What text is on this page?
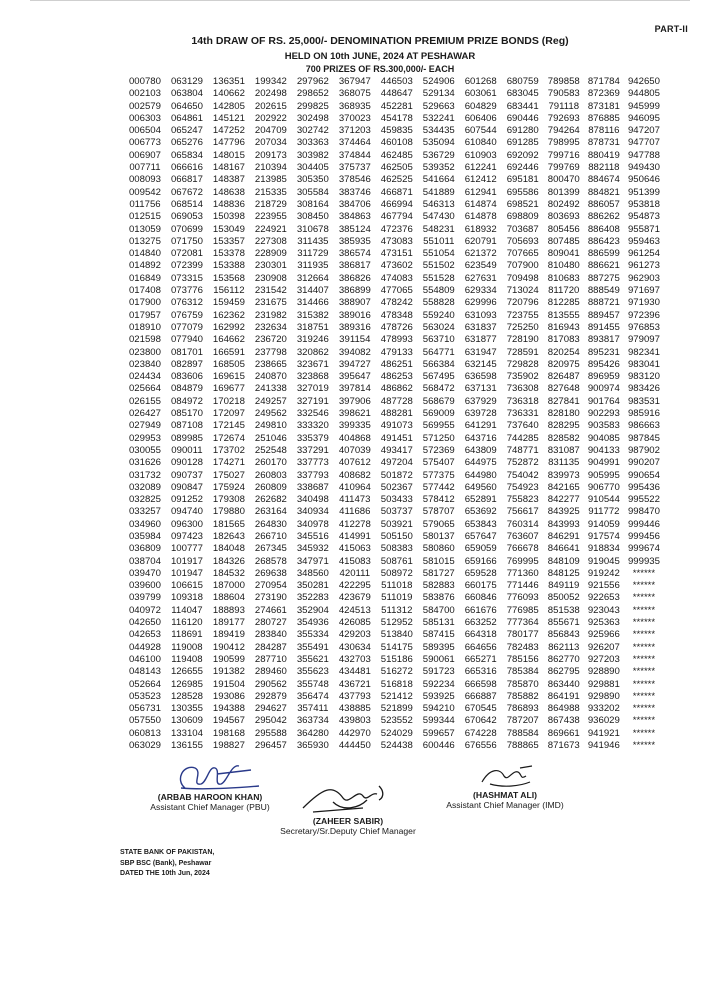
PART-II
14th DRAW OF RS. 25,000/- DENOMINATION PREMIUM PRIZE BONDS (Reg)
HELD ON 10th JUNE, 2024 AT PESHAWAR
700 PRIZES OF RS.300,000/- EACH
000780	063129	136351	199342	297962	367947	446503	524906	601268	680759 789858 871784 942650
002103	063804	140662	202498	298652	368075	448647	529134	603061	683045 790583 872369 944805
002579	064650	142805	202615	299825	368935	452281	529663	604829	683441	791118 873181 945999
006303	064861	145121	202922	302498	370023	454178	532241	606406	690446 792693 876885 946095
006504	065247	147252	204709	302742	371203	459835	534435	607544	691280 794264 878116 947207
006773	065276	147796	207034	303363	374464	460108	535094	610840	691285 798995 878731 947707
006907	065834	148015	209173	303982	374844	462485	536729	610903	692092 799716 880419 947788
007711	066616	148167	210394	304405	375737	462505	539352	612241	692446 799769 882118 949430
008093	066817	148387	213985	305350	378546	462525	541664	612412	695181 800470 884674 950646
009542	067672	148638	215335	305584	383746	466871	541889	612941	695586 801399 884821 951399
011756	068514	148836	218729	308164	384706	466994	546313	614874	698521 802492 886057 953818
012515	069053	150398	223955	308450	384863	467794	547430	614878	698809 803693 886262 954873
013059	070699	153049	224921	310678	385124	472376	548231	618932	703687 805456 886408 955871
013275	071750	153357	227308	311435	385935	473083	551011	620791	705693 807485 886423 959463
014840	072081	153378	228909	311729	386574	473151	551054	621372	707665 809041 886599 961254
014892	072399	153388	230301	311935	386817	473602	551502	623549	707900 810480 886621 961273
016849	073315	153568	230908	312664	386826	474083	551528	627631	709498 810683 887275 962903
017408	073776	156112	231542	314407	386899	477065	554809	629334	713024 811720 888549 971697
017900	076312	159459	231675	314466	388907	478242	558828	629996	720796 812285 888721 971930
017957	076759	162362	231982	315382	389016	478348	559240	631093	723755 813555 889457 972396
018910	077079	162992	232634	318751	389316	478726	563024	631837	725250 816943 891455 976853
021598	077940	164662	236720	319246	391154	478993	563710	631877	728190 817083 893817 979097
023800	081701	166591	237798	320862	394082	479133	564771	631947	728591 820254 895231 982341
023840	082897	168505	238665	323671	394727	486251	566384	632145	729828 820975 895426 983041
024434	083606	169615	240870	323868	395647	486253	567495	636598	735902 826487 896959 983120
025664	084879	169677	241338	327019	397814	486862	568472	637131	736308 827648 900974 983426
026155	084972	170218	249257	327191	397906	487728	568679	637929	736318 827841 901764 983531
026427	085170	172097	249562	332546	398621	488281	569009	639728	736331 828180 902293 985916
027949	087108	172145	249810	333320	399335	491073	569955	641291	737640 828295 903583 986663
029953	089985	172674	251046	335379	404868	491451	571250	643716	744285 828582 904085 987845
030055	090011	173702	252548	337291	407039	493417	572369	643809	748771 831087 904133 987902
031626	090128	174271	260170	337773	407612	497204	575407	644975	752872 831135 904991 990207
031732	090737	175027	260803	337793	408682	501872	577375	644980	754042 839973 905995 990654
032089	090847	175924	260809	338687	410964	502367	577442	649560	754923 842165 906770 995436
032825	091252	179308	262682	340498	411473	503433	578412	652891	755823 842277 910544 995522
033257	094740	179880	263164	340934	411686	503737	578707	653692	756617 843925 911772 998470
034960	096300	181565	264830	340978	412278	503921	579065	653843	760314 843993 914059 999446
035984	097423	182643	266710	345516	414991	505150	580137	657647	763607 846291 917574 999456
036809	100777	184048	267345	345932	415063	508383	580860	659059	766678 846641 918834 999674
038704	101917	184326	268578	347971	415083	508761	581015	659166	769995 848109 919045 999935
039470	101947	184532	269638	348560	420111	508972	581727	659528	771360 848125 919242	******
039600	106615	187000	270954	350281	422295	511018	582883	660175	771446 849119 921556	******
039799	109318	188604	273190	352283	423679	511019	583876	660846	776093 850052 922653	******
040972	114047	188893	274661	352904	424513	511312	584700	661676	776985 851538 923043	******
042650	116120	189177	280727	354936	426085	512952	585131	663252	777364 855671 925363	******
042653	118691	189419	283840	355334	429203	513840	587415	664318	780177 856843 925966	******
044928	119008	190412	284287	355491	430634	514175	589395	664656	782483 862113 926207	******
046100	119408	190599	287710	355621	432703	515186	590061	665271	785156 862770 927203	******
048143	126655	191382	289460	355623	434481	516272	591723	665316	785384 862795 928890	******
052664	126985	191504	290562	355748	436721	516818	592234	666598	785870 863440 929881	******
053523	128528	193086	292879	356474	437793	521412	593925	666887	785882 864191 929890	******
056731	130355	194388	294627	357411	438885	521899	594210	670545	786893 864988 933202	******
057550	130609	194567	295042	363734	439803	523552	599344	670642	787207 867438 936029	******
060813	133104	198168	295588	364280	442970	524029	599657	674228	788584 869661 941921	******
063029	136155	198827	296457	365930	444450	524438	600446	676556	788865 871673 941946	******
(ARBAB HAROON KHAN)
Assistant Chief Manager (PBU)
(ZAHEER SABIR)
Secretary/Sr.Deputy Chief Manager
(HASHMAT ALI)
Assistant Chief Manager (IMD)
STATE BANK OF PAKISTAN,
SBP BSC (Bank), Peshawar
DATED THE 10th Jun, 2024
